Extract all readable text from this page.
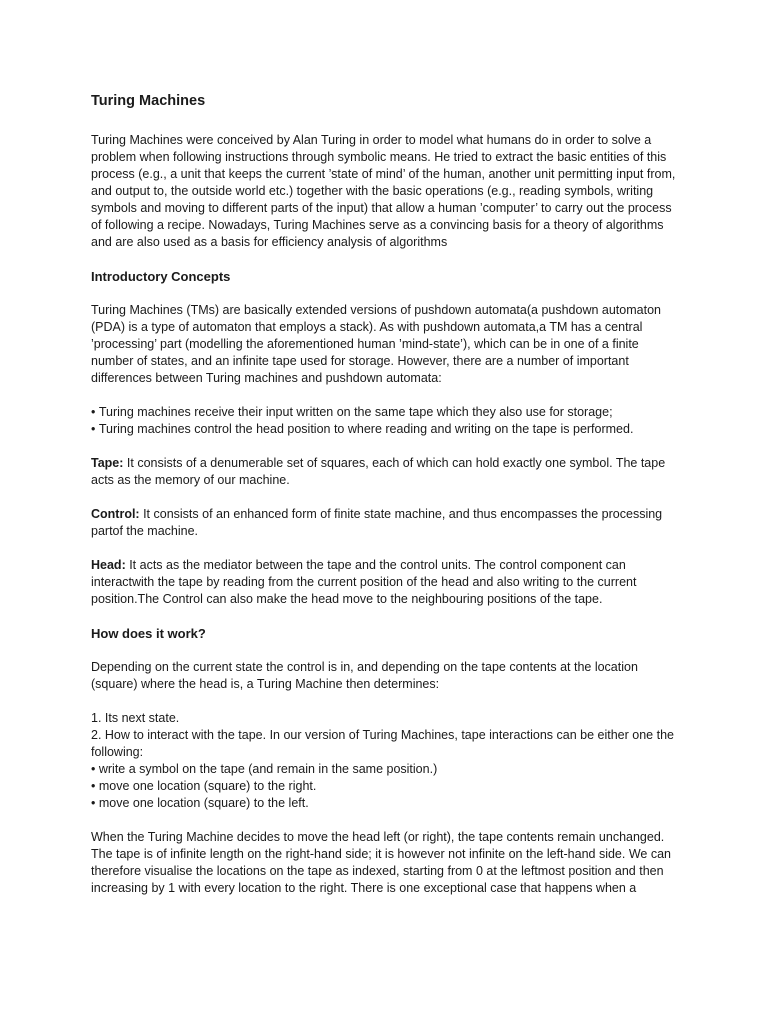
Turing Machines

Turing Machines were conceived by Alan Turing in order to model what humans do in order to solve a problem when following instructions through symbolic means. He tried to extract the basic entities of this process (e.g., a unit that keeps the current ’state of mind’ of the human, another unit permitting input from, and output to, the outside world etc.) together with the basic operations (e.g., reading symbols, writing symbols and moving to different parts of the input) that allow a human ’computer’ to carry out the process of following a recipe. Nowadays, Turing Machines serve as a convincing basis for a theory of algorithms and are also used as a basis for efficiency analysis of algorithms

Introductory Concepts

Turing Machines (TMs) are basically extended versions of pushdown automata(a pushdown automaton (PDA) is a type of automaton that employs a stack). As with pushdown automata,a TM has a central ’processing’ part (modelling the aforementioned human ’mind-state’), which can be in one of a finite number of states, and an infinite tape used for storage. However, there are a number of important differences between Turing machines and pushdown automata:

• Turing machines receive their input written on the same tape which they also use for storage;
• Turing machines control the head position to where reading and writing on the tape is performed.

Tape: It consists of a denumerable set of squares, each of which can hold exactly one symbol. The tape acts as the memory of our machine.

Control: It consists of an enhanced form of finite state machine, and thus encompasses the processing partof the machine.

Head: It acts as the mediator between the tape and the control units. The control component can interactwith the tape by reading from the current position of the head and also writing to the current position.The Control can also make the head move to the neighbouring positions of the tape.

How does it work?

Depending on the current state the control is in, and depending on the tape contents at the location (square) where the head is, a Turing Machine then determines:

1. Its next state.
2. How to interact with the tape. In our version of Turing Machines, tape interactions can be either one the following:
• write a symbol on the tape (and remain in the same position.)
• move one location (square) to the right.
• move one location (square) to the left.

When the Turing Machine decides to move the head left (or right), the tape contents remain unchanged. The tape is of infinite length on the right-hand side; it is however not infinite on the left-hand side. We can therefore visualise the locations on the tape as indexed, starting from 0 at the leftmost position and then increasing by 1 with every location to the right. There is one exceptional case that happens when a
